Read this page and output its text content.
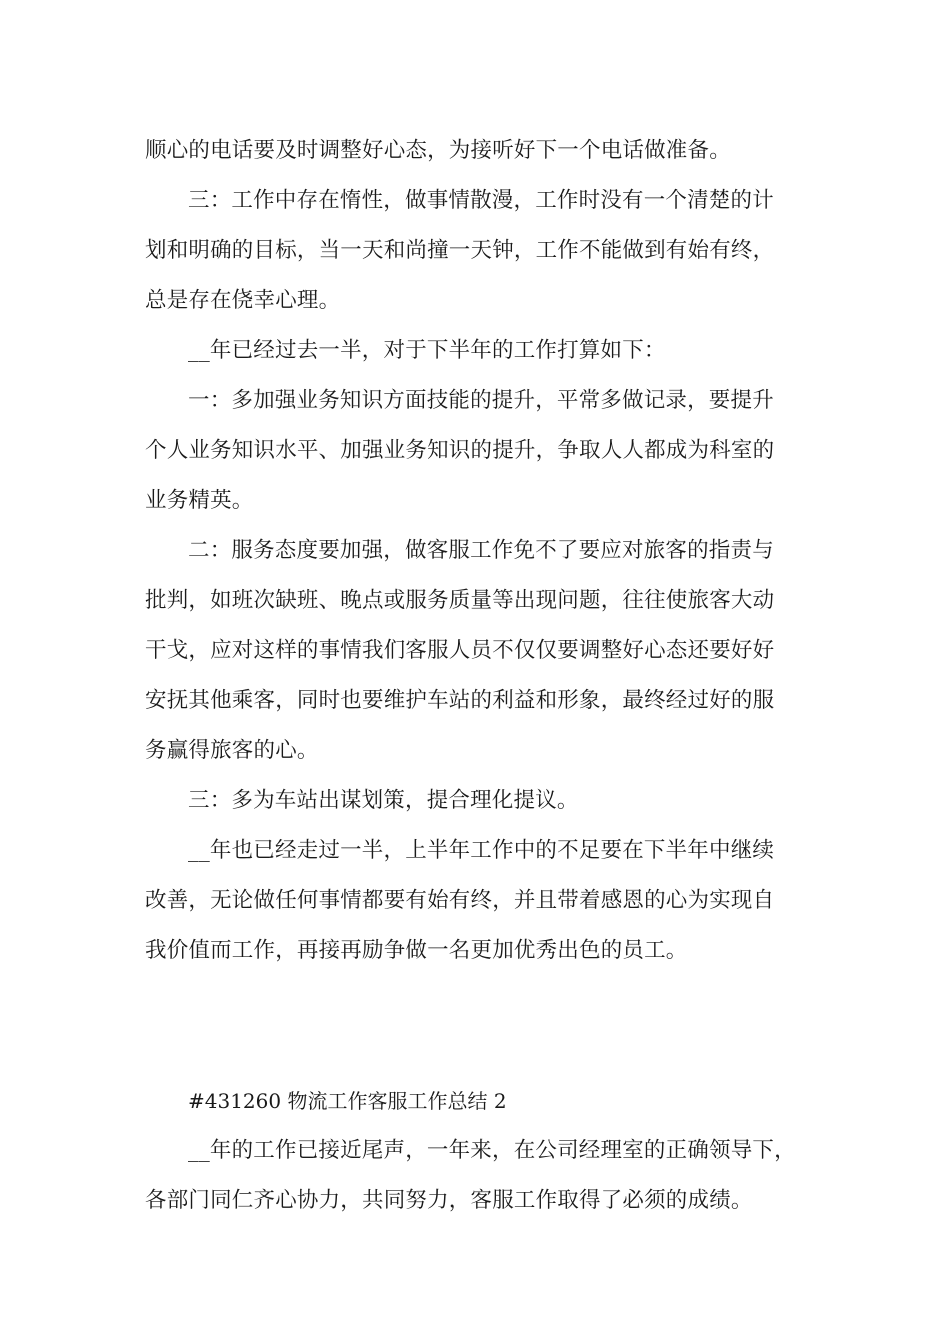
顺心的电话要及时调整好心态，为接听好下一个电话做准备。
三：工作中存在惰性，做事情散漫，工作时没有一个清楚的计
划和明确的目标，当一天和尚撞一天钟，工作不能做到有始有终，
总是存在侥幸心理。
__年已经过去一半，对于下半年的工作打算如下：
一：多加强业务知识方面技能的提升，平常多做记录，要提升
个人业务知识水平、加强业务知识的提升，争取人人都成为科室的
业务精英。
二：服务态度要加强，做客服工作免不了要应对旅客的指责与
批判，如班次缺班、晚点或服务质量等出现问题，往往使旅客大动
干戈，应对这样的事情我们客服人员不仅仅要调整好心态还要好好
安抚其他乘客，同时也要维护车站的利益和形象，最终经过好的服
务赢得旅客的心。
三：多为车站出谋划策，提合理化提议。
__年也已经走过一半，上半年工作中的不足要在下半年中继续
改善，无论做任何事情都要有始有终，并且带着感恩的心为实现自
我价值而工作，再接再励争做一名更加优秀出色的员工。
#431260 物流工作客服工作总结 2
__年的工作已接近尾声，一年来，在公司经理室的正确领导下，
各部门同仁齐心协力，共同努力，客服工作取得了必须的成绩。
